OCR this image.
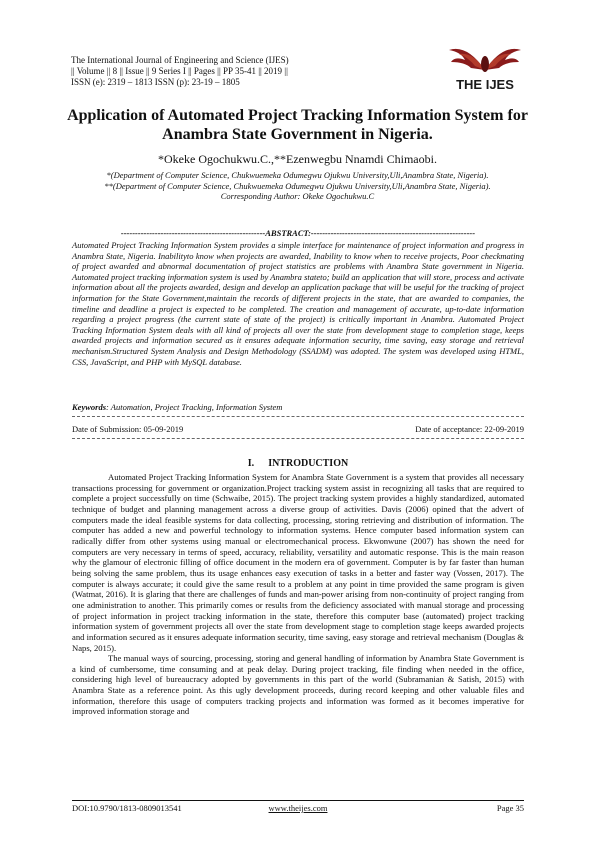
The International Journal of Engineering and Science (IJES)
|| Volume || 8 || Issue || 9 Series I || Pages || PP 35-41 || 2019 ||
ISSN (e): 2319 – 1813 ISSN (p): 23-19 – 1805	THE IJES
Application of Automated Project Tracking Information System for Anambra State Government in Nigeria.
*Okeke Ogochukwu.C.,**Ezenwegbu Nnamdi Chimaobi.
*(Department of Computer Science, Chukwuemeka Odumegwu Ojukwu University,Uli,Anambra State, Nigeria).
**(Department of Computer Science, Chukwuemeka Odumegwu Ojukwu University,Uli,Anambra State, Nigeria).
Corresponding Author: Okeke Ogochukwu.C
---------------------------------------------------ABSTRACT:----------------------------------------------------------
Automated Project Tracking Information System provides a simple interface for maintenance of project information and progress in Anambra State, Nigeria. Inabilityto know when projects are awarded, Inability to know when to receive projects, Poor checkmating of project awarded and abnormal documentation of project statistics are problems with Anambra State government in Nigeria. Automated project tracking information system is used by Anambra stateto; build an application that will store, process and activate information about all the projects awarded, design and develop an application package that will be useful for the tracking of project information for the State Government,maintain the records of different projects in the state, that are awarded to companies, the timeline and deadline a project is expected to be completed. The creation and management of accurate, up-to-date information regarding a project progress (the current state of state of the project) is critically important in Anambra. Automated Project Tracking Information System deals with all kind of projects all over the state from development stage to completion stage, keeps awarded projects and information secured as it ensures adequate information security, time saving, easy storage and retrieval mechanism.Structured System Analysis and Design Methodology (SSADM) was adopted. The system was developed using HTML, CSS, JavaScript, and PHP with MySQL database.
Keywords: Automation, Project Tracking, Information System
Date of Submission: 05-09-2019	Date of acceptance: 22-09-2019
I. INTRODUCTION

Automated Project Tracking Information System for Anambra State Government is a system that provides all necessary transactions processing for government or organization.Project tracking system assist in recognizing all tasks that are required to complete a project successfully on time (Schwaibe, 2015). The project tracking system provides a highly standardized, automated technique of budget and planning management across a diverse group of activities. Davis (2006) opined that the advert of computers made the ideal feasible systems for data collecting, processing, storing retrieving and distribution of information. The computer has added a new and powerful technology to information systems. Hence computer based information system can radically differ from other systems using manual or electromechanical process. Ekwonwune (2007) has shown the need for computers are very necessary in terms of speed, accuracy, reliability, versatility and automatic response. This is the main reason why the glamour of electronic filling of office document in the modern era of government. Computer is by far faster than human being solving the same problem, thus its usage enhances easy execution of tasks in a better and faster way (Vossen, 2017). The computer is always accurate; it could give the same result to a problem at any point in time provided the same program is given (Watmat, 2016). It is glaring that there are challenges of funds and man-power arising from non-continuity of project ranging from one administration to another. This primarily comes or results from the deficiency associated with manual storage and processing of project information in project tracking information in the state, therefore this computer base (automated) project tracking information system of government projects all over the state from development stage to completion stage keeps awarded projects and information secured as it ensures adequate information security, time saving, easy storage and retrieval mechanism (Douglas & Naps, 2015).

The manual ways of sourcing, processing, storing and general handling of information by Anambra State Government is a kind of cumbersome, time consuming and at peak delay. During project tracking, file finding when needed in the office, considering high level of bureaucracy adopted by governments in this part of the world (Subramanian & Satish, 2015) with Anambra State as a reference point. As this ugly development proceeds, during record keeping and other valuable files and information, therefore this usage of computers tracking projects and information was formed as it becomes imperative for improved information storage and

DOI:10.9790/1813-0809013541	www.theijes.com	Page 35
